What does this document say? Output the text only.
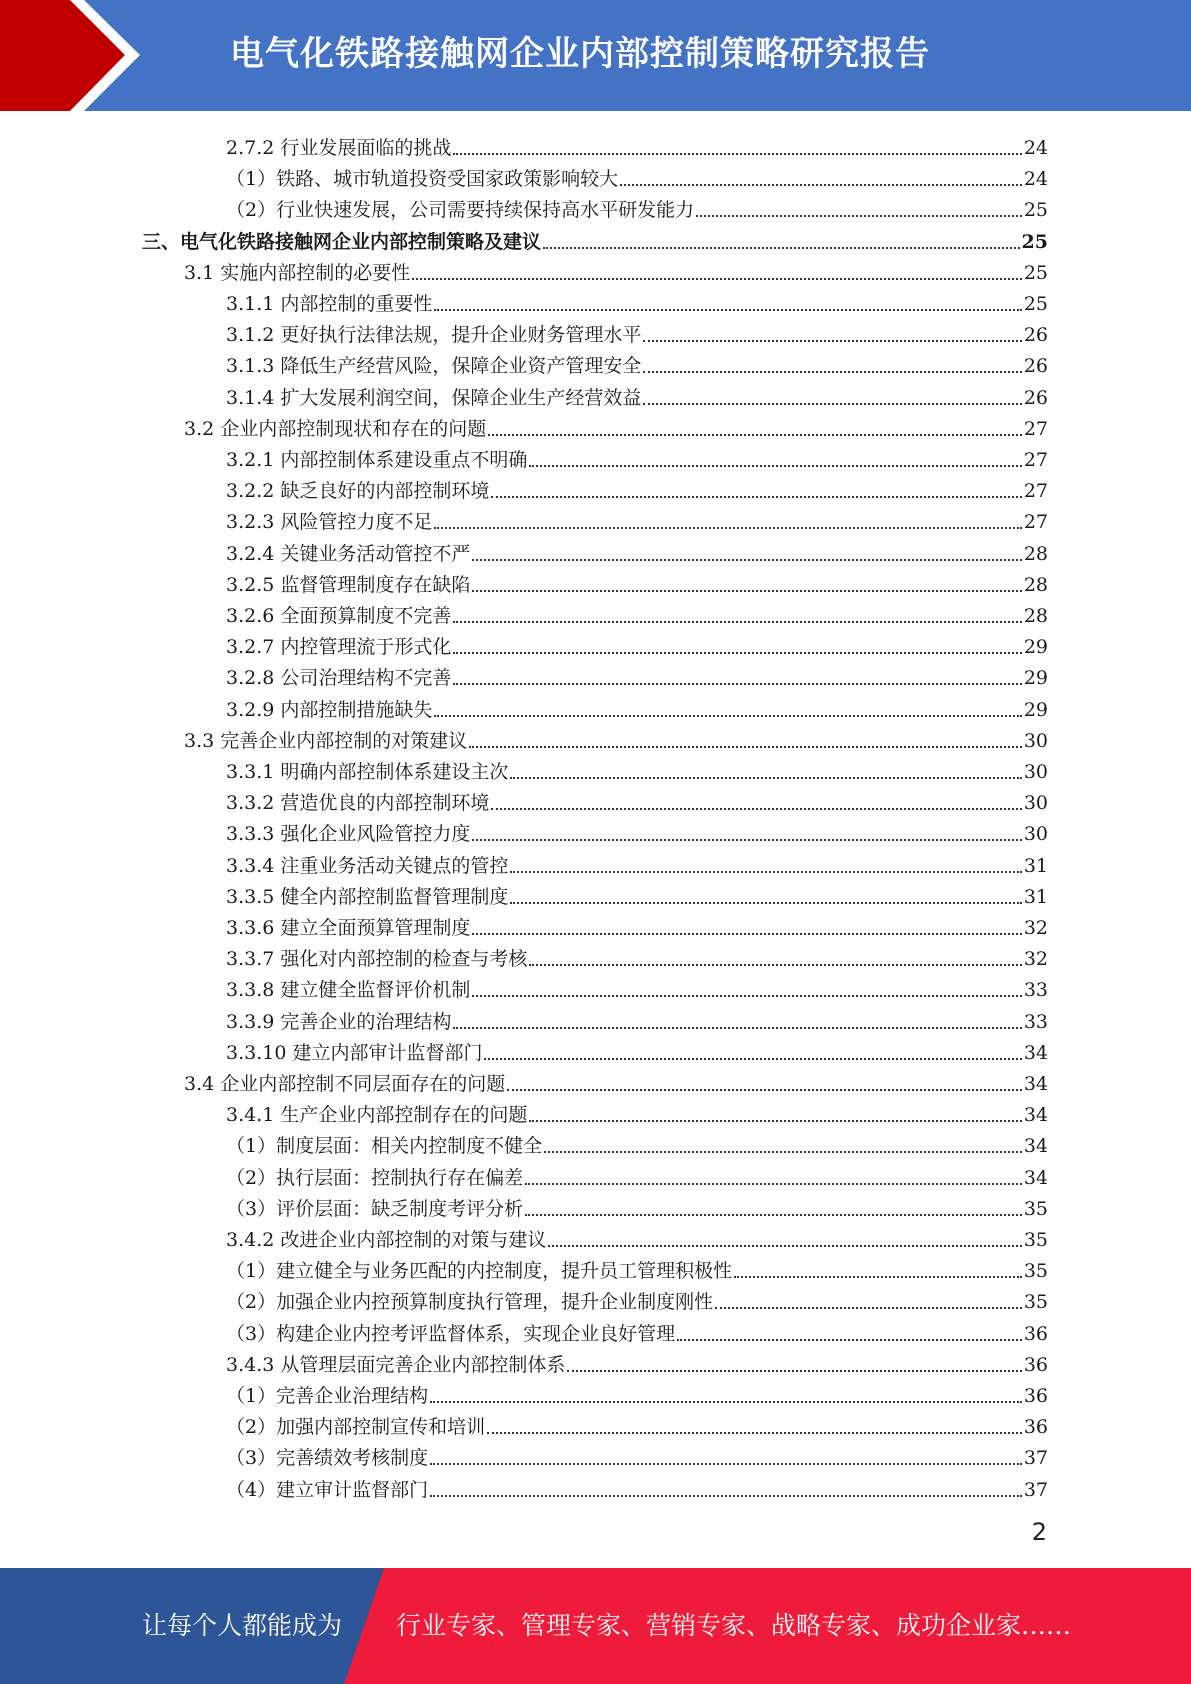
电气化铁路接触网企业内部控制策略研究报告
2.7.2 行业发展面临的挑战	24
（1）铁路、城市轨道投资受国家政策影响较大	24
（2）行业快速发展，公司需要持续保持高水平研发能力	25
三、电气化铁路接触网企业内部控制策略及建议	25
3.1 实施内部控制的必要性	25
3.1.1 内部控制的重要性	25
3.1.2 更好执行法律法规，提升企业财务管理水平	26
3.1.3 降低生产经营风险，保障企业资产管理安全	26
3.1.4 扩大发展利润空间，保障企业生产经营效益	26
3.2 企业内部控制现状和存在的问题	27
3.2.1 内部控制体系建设重点不明确	27
3.2.2 缺乏良好的内部控制环境	27
3.2.3 风险管控力度不足	27
3.2.4 关键业务活动管控不严	28
3.2.5 监督管理制度存在缺陷	28
3.2.6 全面预算制度不完善	28
3.2.7 内控管理流于形式化	29
3.2.8 公司治理结构不完善	29
3.2.9 内部控制措施缺失	29
3.3 完善企业内部控制的对策建议	30
3.3.1 明确内部控制体系建设主次	30
3.3.2 营造优良的内部控制环境	30
3.3.3 强化企业风险管控力度	30
3.3.4 注重业务活动关键点的管控	31
3.3.5 健全内部控制监督管理制度	31
3.3.6 建立全面预算管理制度	32
3.3.7 强化对内部控制的检查与考核	32
3.3.8 建立健全监督评价机制	33
3.3.9 完善企业的治理结构	33
3.3.10 建立内部审计监督部门	34
3.4 企业内部控制不同层面存在的问题	34
3.4.1 生产企业内部控制存在的问题	34
（1）制度层面：相关内控制度不健全	34
（2）执行层面：控制执行存在偏差	34
（3）评价层面：缺乏制度考评分析	35
3.4.2 改进企业内部控制的对策与建议	35
（1）建立健全与业务匹配的内控制度，提升员工管理积极性	35
（2）加强企业内控预算制度执行管理，提升企业制度刚性	35
（3）构建企业内控考评监督体系，实现企业良好管理	36
3.4.3 从管理层面完善企业内部控制体系	36
（1）完善企业治理结构	36
（2）加强内部控制宣传和培训	36
（3）完善绩效考核制度	37
（4）建立审计监督部门	37
2
让每个人都能成为 行业专家、管理专家、营销专家、战略专家、成功企业家……
